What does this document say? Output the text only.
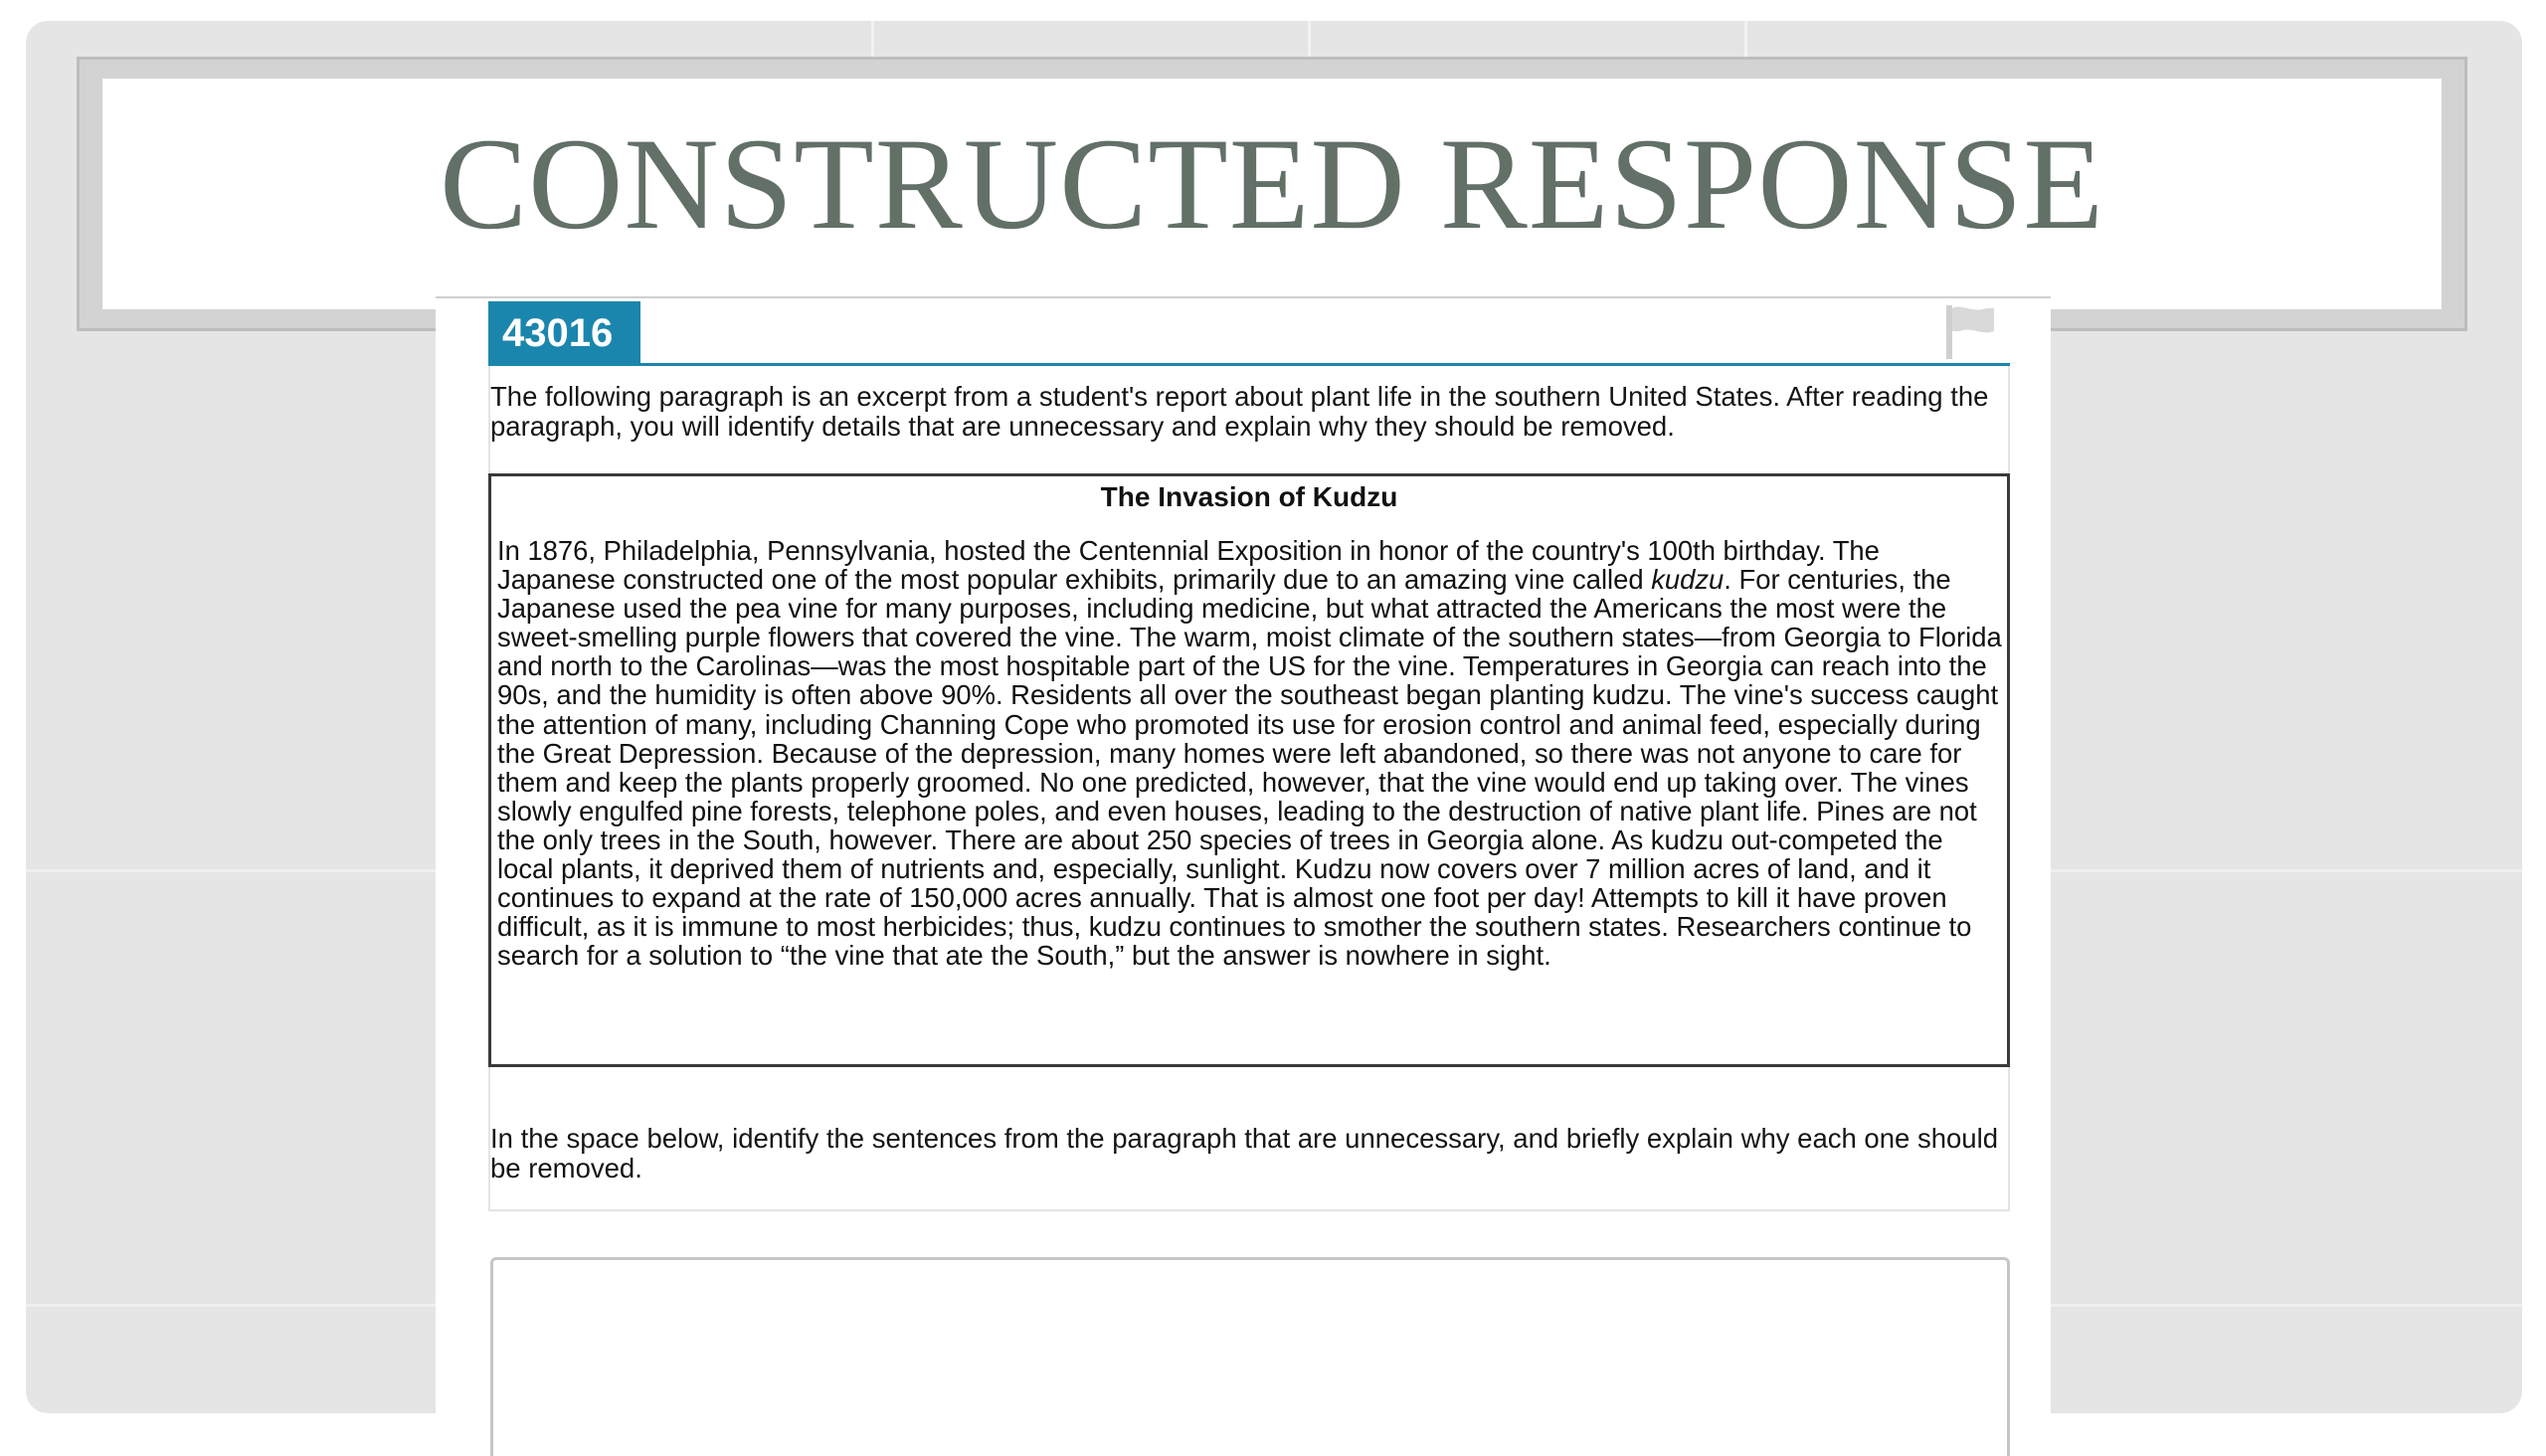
CONSTRUCTED RESPONSE
43016
The following paragraph is an excerpt from a student's report about plant life in the southern United States. After reading the paragraph, you will identify details that are unnecessary and explain why they should be removed.
The Invasion of Kudzu

In 1876, Philadelphia, Pennsylvania, hosted the Centennial Exposition in honor of the country's 100th birthday. The Japanese constructed one of the most popular exhibits, primarily due to an amazing vine called kudzu. For centuries, the Japanese used the pea vine for many purposes, including medicine, but what attracted the Americans the most were the sweet-smelling purple flowers that covered the vine. The warm, moist climate of the southern states—from Georgia to Florida and north to the Carolinas—was the most hospitable part of the US for the vine. Temperatures in Georgia can reach into the 90s, and the humidity is often above 90%. Residents all over the southeast began planting kudzu. The vine's success caught the attention of many, including Channing Cope who promoted its use for erosion control and animal feed, especially during the Great Depression. Because of the depression, many homes were left abandoned, so there was not anyone to care for them and keep the plants properly groomed. No one predicted, however, that the vine would end up taking over. The vines slowly engulfed pine forests, telephone poles, and even houses, leading to the destruction of native plant life. Pines are not the only trees in the South, however. There are about 250 species of trees in Georgia alone. As kudzu out-competed the local plants, it deprived them of nutrients and, especially, sunlight. Kudzu now covers over 7 million acres of land, and it continues to expand at the rate of 150,000 acres annually. That is almost one foot per day! Attempts to kill it have proven difficult, as it is immune to most herbicides; thus, kudzu continues to smother the southern states. Researchers continue to search for a solution to “the vine that ate the South,” but the answer is nowhere in sight.

In the space below, identify the sentences from the paragraph that are unnecessary, and briefly explain why each one should be removed.
